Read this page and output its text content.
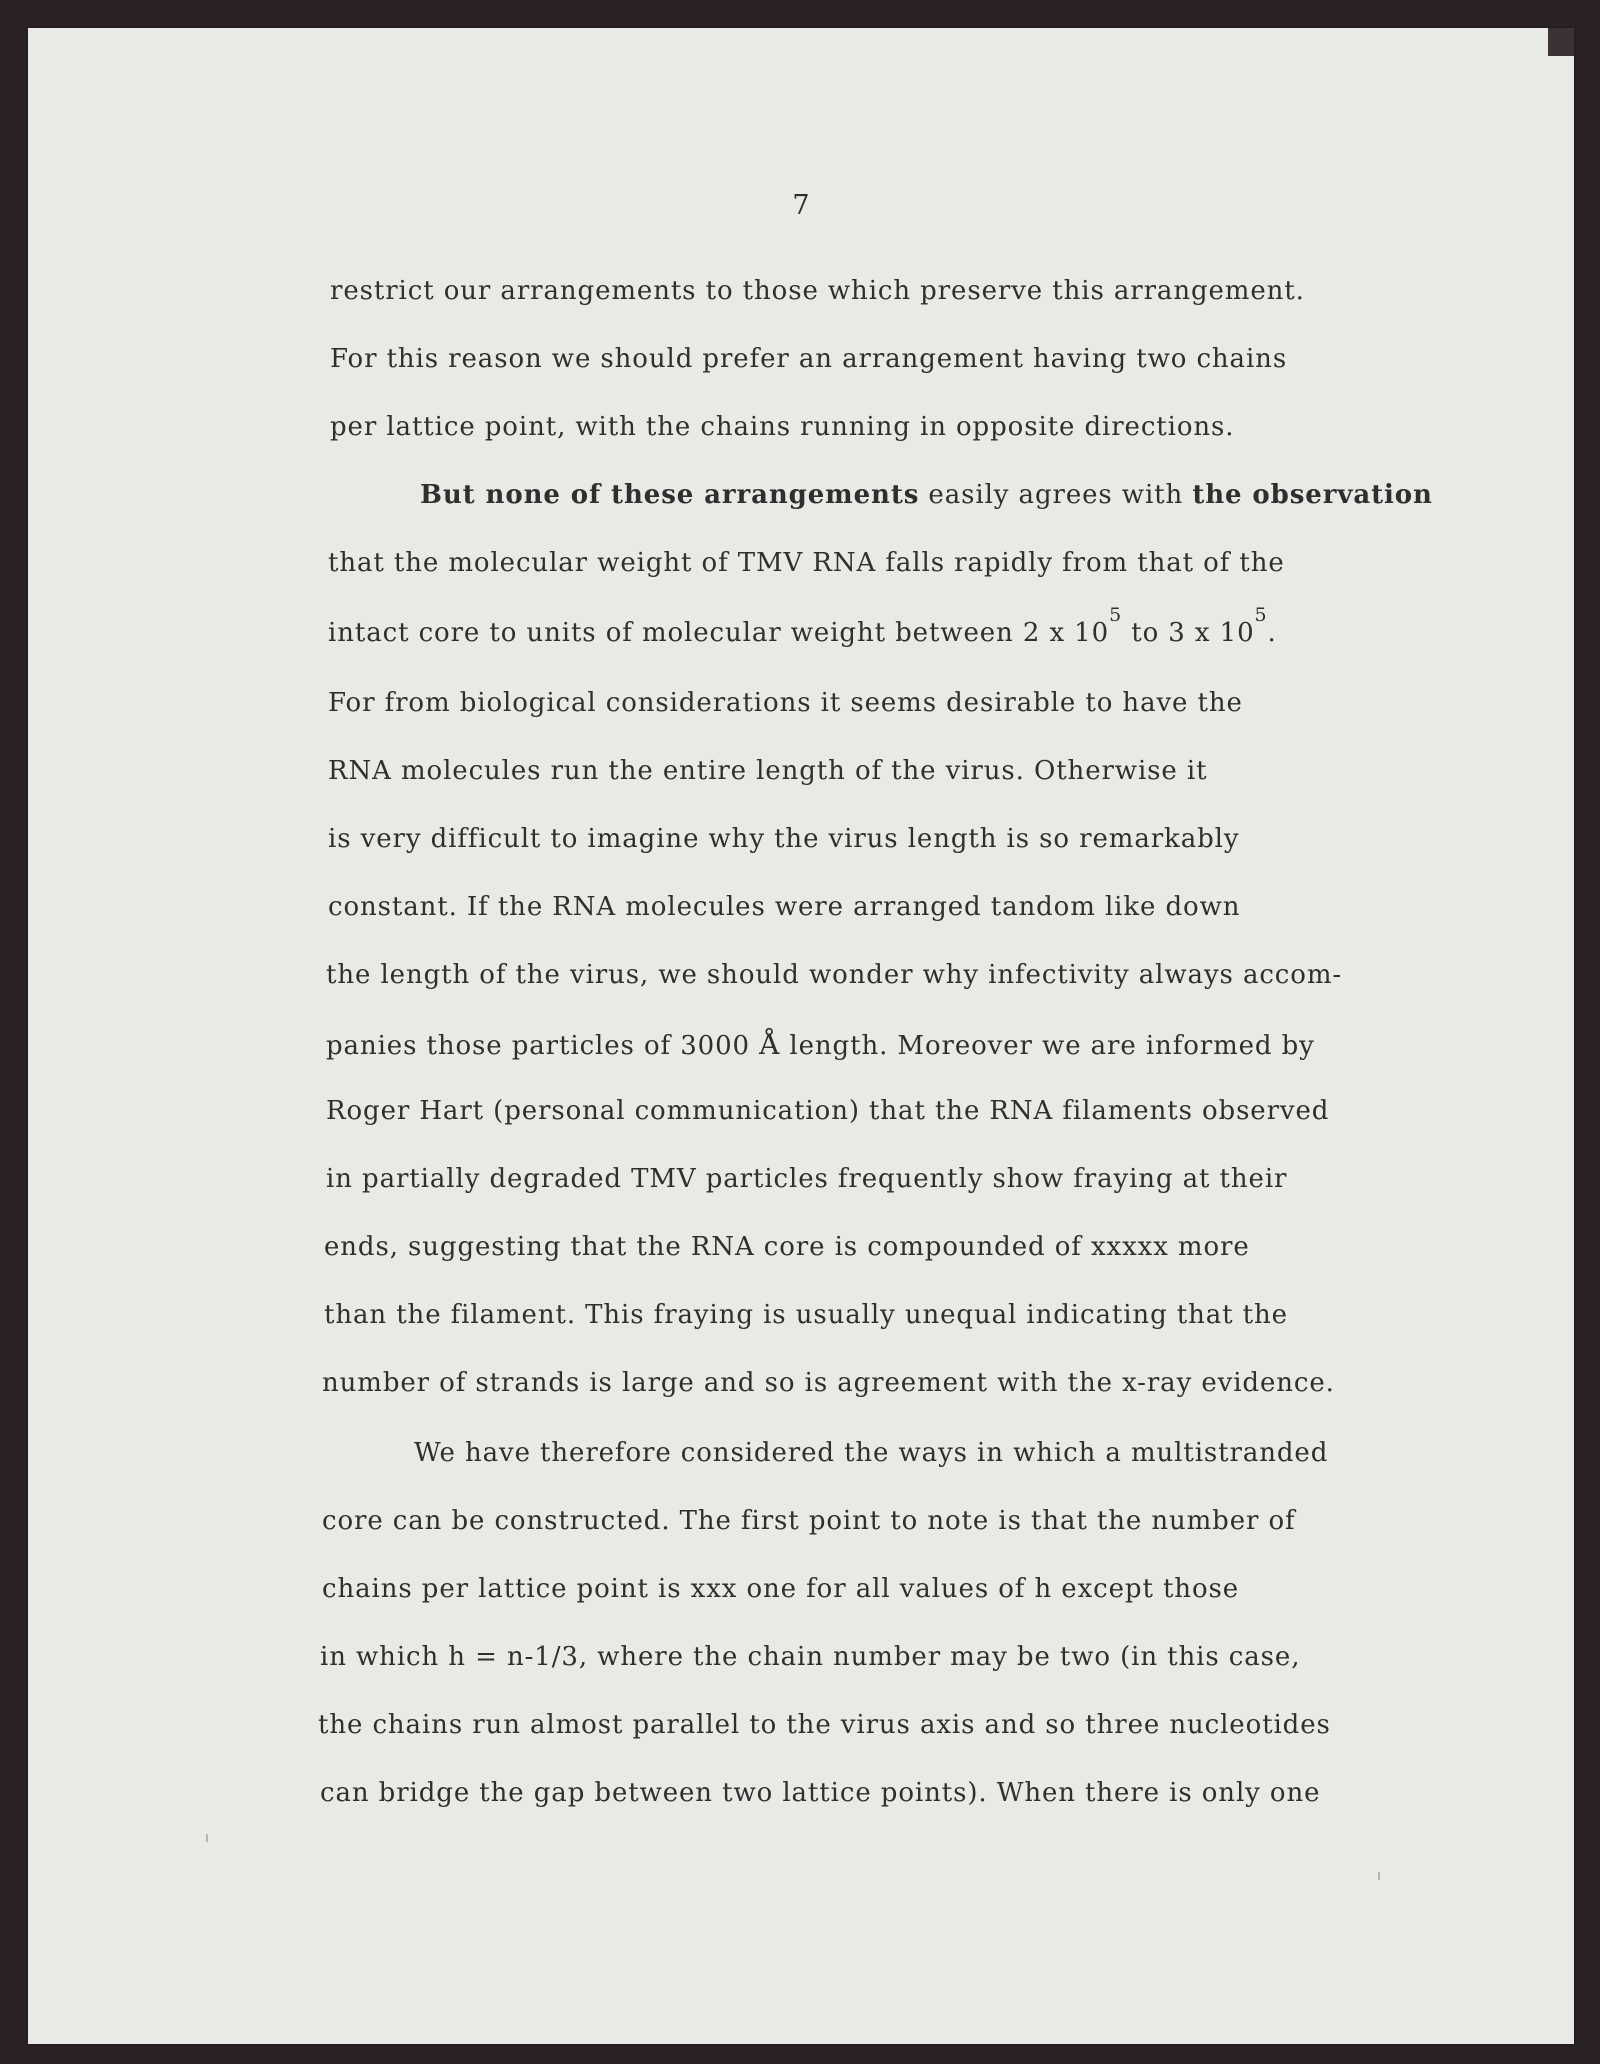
7
restrict our arrangements to those which preserve this arrangement.
For this reason we should prefer an arrangement having two chains
per lattice point, with the chains running in opposite directions.
But none of these arrangements easily agrees with the observation
that the molecular weight of TMV RNA falls rapidly from that of the
intact core to units of molecular weight between 2 x $10^5$ to 3 x $10^5$.
For from biological considerations it seems desirable to have the
RNA molecules run the entire length of the virus. Otherwise it
is very difficult to imagine why the virus length is so remarkably
constant. If the RNA molecules were arranged tandom like down
the length of the virus, we should wonder why infectivity always accom-
panies those particles of 3000 Å length. Moreover we are informed by
Roger Hart (personal communication) that the RNA filaments observed
in partially degraded TMV particles frequently show fraying at their
ends, suggesting that the RNA core is compounded of xxxxx more
than the filament. This fraying is usually unequal indicating that the
number of strands is large and so is agreement with the x-ray evidence.
We have therefore considered the ways in which a multistranded
core can be constructed. The first point to note is that the number of
chains per lattice point is xxx one for all values of h except those
in which h = n-1/3, where the chain number may be two (in this case,
the chains run almost parallel to the virus axis and so three nucleotides
can bridge the gap between two lattice points). When there is only one
